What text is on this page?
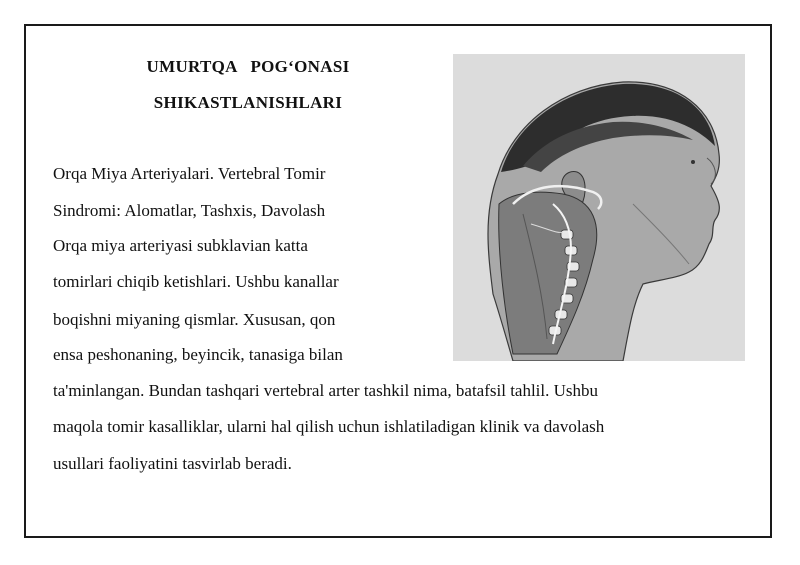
UMURTQA   POG‘ONASI
SHIKASTLANISHLARI
Orqa Miya Arteriyalari. Vertebral Tomir
Sindromi: Alomatlar, Tashxis, Davolash
Orqa miya arteriyasi subklavian katta
tomirlari chiqib ketishlari. Ushbu kanallar
boqishni miyaning qismlar. Xususan, qon
ensa peshonaning, beyincik, tanasiga bilan
ta'minlangan. Bundan tashqari vertebral arter tashkil nima, batafsil tahlil. Ushbu
maqola tomir kasalliklar, ularni hal qilish uchun ishlatiladigan klinik va davolash
usullari faoliyatini tasvirlab beradi.
